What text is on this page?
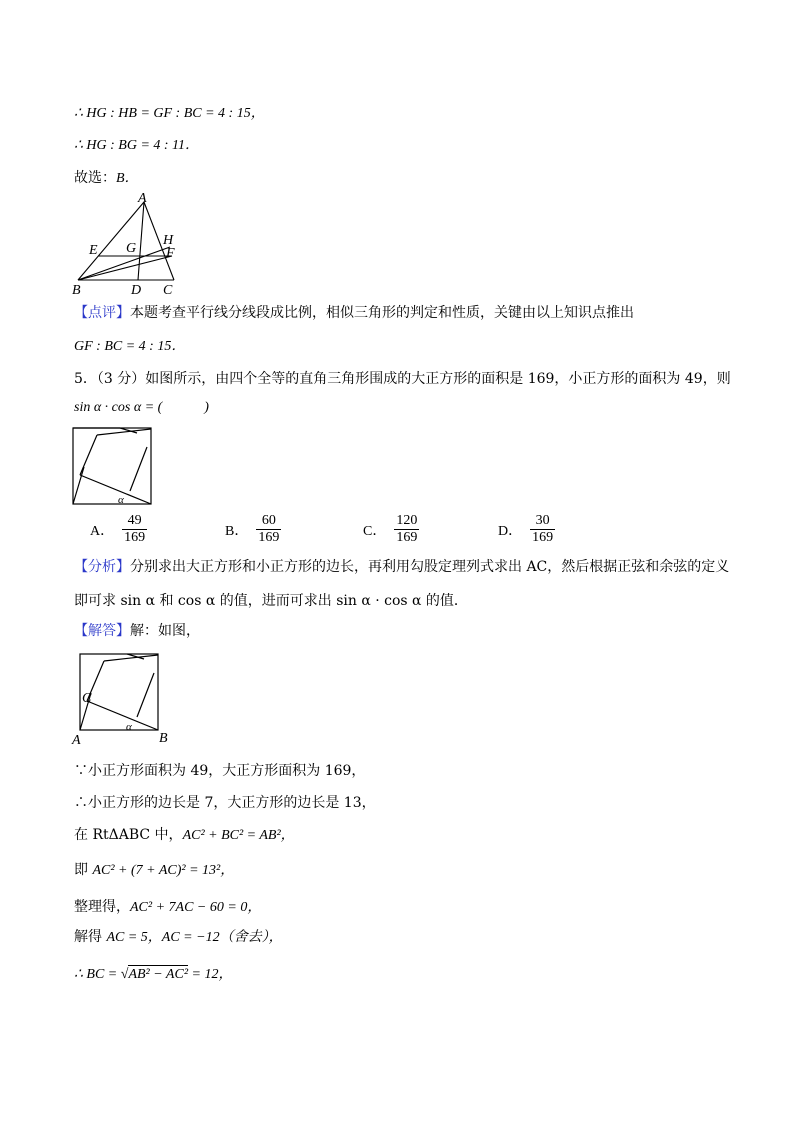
∴ HG : HB = GF : BC = 4 : 15，
∴ HG : BG = 4 : 11．
故选：B．
A
B	C
D
E	F
G
H
【点评】本题考查平行线分线段成比例，相似三角形的判定和性质，关键由以上知识点推出
GF : BC = 4 : 15．
5．（3 分）如图所示，由四个全等的直角三角形围成的大正方形的面积是 169，小正方形的面积为 49，则
sin α · cos α = (　　　)
α
A． $\frac{49}{169}$	B． $\frac{60}{169}$	C． $\frac{120}{169}$	D． $\frac{30}{169}$
【分析】分别求出大正方形和小正方形的边长，再利用勾股定理列式求出 AC，然后根据正弦和余弦的定义
即可求 sin α 和 cos α 的值，进而可求出 sin α · cos α 的值．
【解答】解：如图，
C
A	B
α
∵小正方形面积为 49，大正方形面积为 169，
∴小正方形的边长是 7，大正方形的边长是 13，
在 RtΔABC 中，AC² + BC² = AB²，
即 AC² + (7 + AC)² = 13²，
整理得，AC² + 7AC − 60 = 0，
解得 AC = 5，AC = −12（舍去），
∴ BC = √AB² − AC² = 12，
